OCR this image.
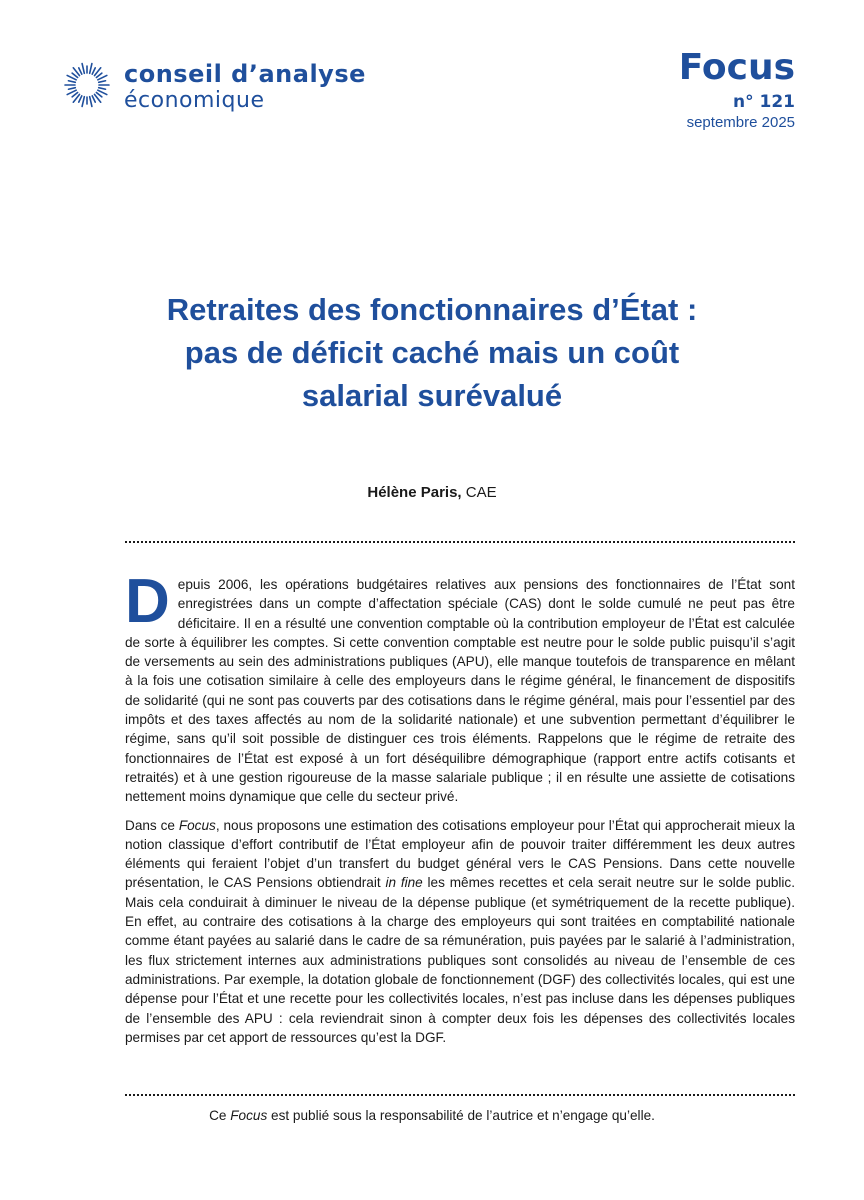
conseil d’analyse
économique
Focus
n° 121
septembre 2025
Retraites des fonctionnaires d’État :
pas de déficit caché mais un coût
salarial surévalué
Hélène Paris, CAE

Depuis 2006, les opérations budgétaires relatives aux pensions des fonctionnaires de l’État sont enregistrées dans un compte d’affectation spéciale (CAS) dont le solde cumulé ne peut pas être déficitaire. Il en a résulté une convention comptable où la contribution employeur de l’État est calculée de sorte à équilibrer les comptes. Si cette convention comptable est neutre pour le solde public puisqu’il s’agit de versements au sein des administrations publiques (APU), elle manque toutefois de transparence en mêlant à la fois une cotisation similaire à celle des employeurs dans le régime général, le financement de dispositifs de solidarité (qui ne sont pas couverts par des cotisations dans le régime général, mais pour l’essentiel par des impôts et des taxes affectés au nom de la solidarité nationale) et une subvention permettant d’équilibrer le régime, sans qu’il soit possible de distinguer ces trois éléments. Rappelons que le régime de retraite des fonctionnaires de l’État est exposé à un fort déséquilibre démographique (rapport entre actifs cotisants et retraités) et à une gestion rigoureuse de la masse salariale publique ; il en résulte une assiette de cotisations nettement moins dynamique que celle du secteur privé.

Dans ce Focus, nous proposons une estimation des cotisations employeur pour l’État qui approcherait mieux la notion classique d’effort contributif de l’État employeur afin de pouvoir traiter différemment les deux autres éléments qui feraient l’objet d’un transfert du budget général vers le CAS Pensions. Dans cette nouvelle présentation, le CAS Pensions obtiendrait in fine les mêmes recettes et cela serait neutre sur le solde public. Mais cela conduirait à diminuer le niveau de la dépense publique (et symétriquement de la recette publique). En effet, au contraire des cotisations à la charge des employeurs qui sont traitées en comptabilité nationale comme étant payées au salarié dans le cadre de sa rémunération, puis payées par le salarié à l’administration, les flux strictement internes aux administrations publiques sont consolidés au niveau de l’ensemble de ces administrations. Par exemple, la dotation globale de fonctionnement (DGF) des collectivités locales, qui est une dépense pour l’État et une recette pour les collectivités locales, n’est pas incluse dans les dépenses publiques de l’ensemble des APU : cela reviendrait sinon à compter deux fois les dépenses des collectivités locales permises par cet apport de ressources qu’est la DGF.

Ce Focus est publié sous la responsabilité de l’autrice et n’engage qu’elle.
